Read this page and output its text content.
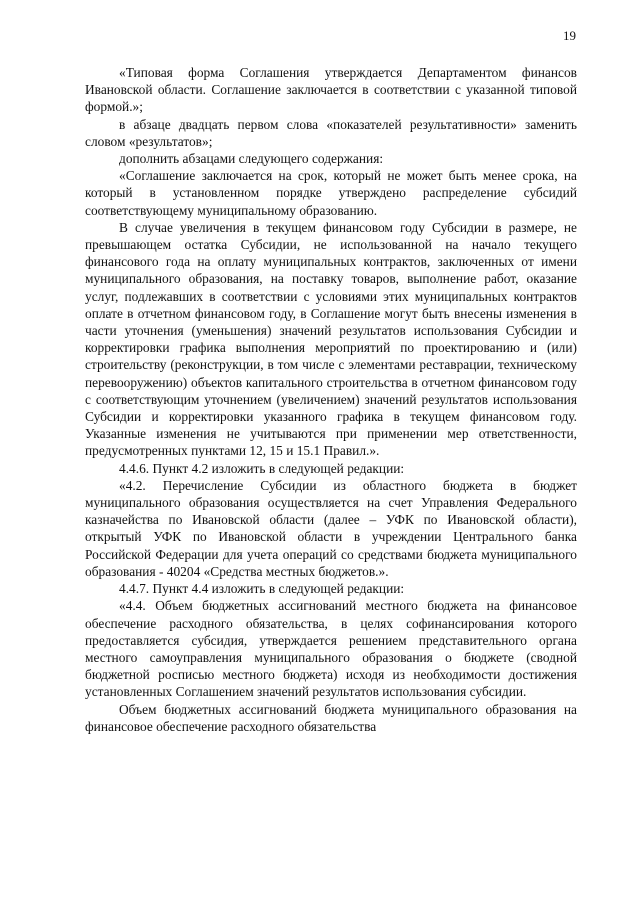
19

«Типовая форма Соглашения утверждается Департаментом финансов Ивановской области. Соглашение заключается в соответствии с указанной типовой формой.»;

в абзаце двадцать первом слова «показателей результативности» заменить словом «результатов»;

дополнить абзацами следующего содержания:

«Соглашение заключается на срок, который не может быть менее срока, на который в установленном порядке утверждено распределение субсидий соответствующему муниципальному образованию.

В случае увеличения в текущем финансовом году Субсидии в размере, не превышающем остатка Субсидии, не использованной на начало текущего финансового года на оплату муниципальных контрактов, заключенных от имени муниципального образования, на поставку товаров, выполнение работ, оказание услуг, подлежавших в соответствии с условиями этих муниципальных контрактов оплате в отчетном финансовом году, в Соглашение могут быть внесены изменения в части уточнения (уменьшения) значений результатов использования Субсидии и корректировки графика выполнения мероприятий по проектированию и (или) строительству (реконструкции, в том числе с элементами реставрации, техническому перевооружению) объектов капитального строительства в отчетном финансовом году с соответствующим уточнением (увеличением) значений результатов использования Субсидии и корректировки указанного графика в текущем финансовом году. Указанные изменения не учитываются при применении мер ответственности, предусмотренных пунктами 12, 15 и 15.1 Правил.».

4.4.6. Пункт 4.2 изложить в следующей редакции:

«4.2. Перечисление Субсидии из областного бюджета в бюджет муниципального образования осуществляется на счет Управления Федерального казначейства по Ивановской области (далее – УФК по Ивановской области), открытый УФК по Ивановской области в учреждении Центрального банка Российской Федерации для учета операций со средствами бюджета муниципального образования - 40204 «Средства местных бюджетов.».

4.4.7. Пункт 4.4 изложить в следующей редакции:

«4.4. Объем бюджетных ассигнований местного бюджета на финансовое обеспечение расходного обязательства, в целях софинансирования которого предоставляется субсидия, утверждается решением представительного органа местного самоуправления муниципального образования о бюджете (сводной бюджетной росписью местного бюджета) исходя из необходимости достижения установленных Соглашением значений результатов использования субсидии.

Объем бюджетных ассигнований бюджета муниципального образования на финансовое обеспечение расходного обязательства
